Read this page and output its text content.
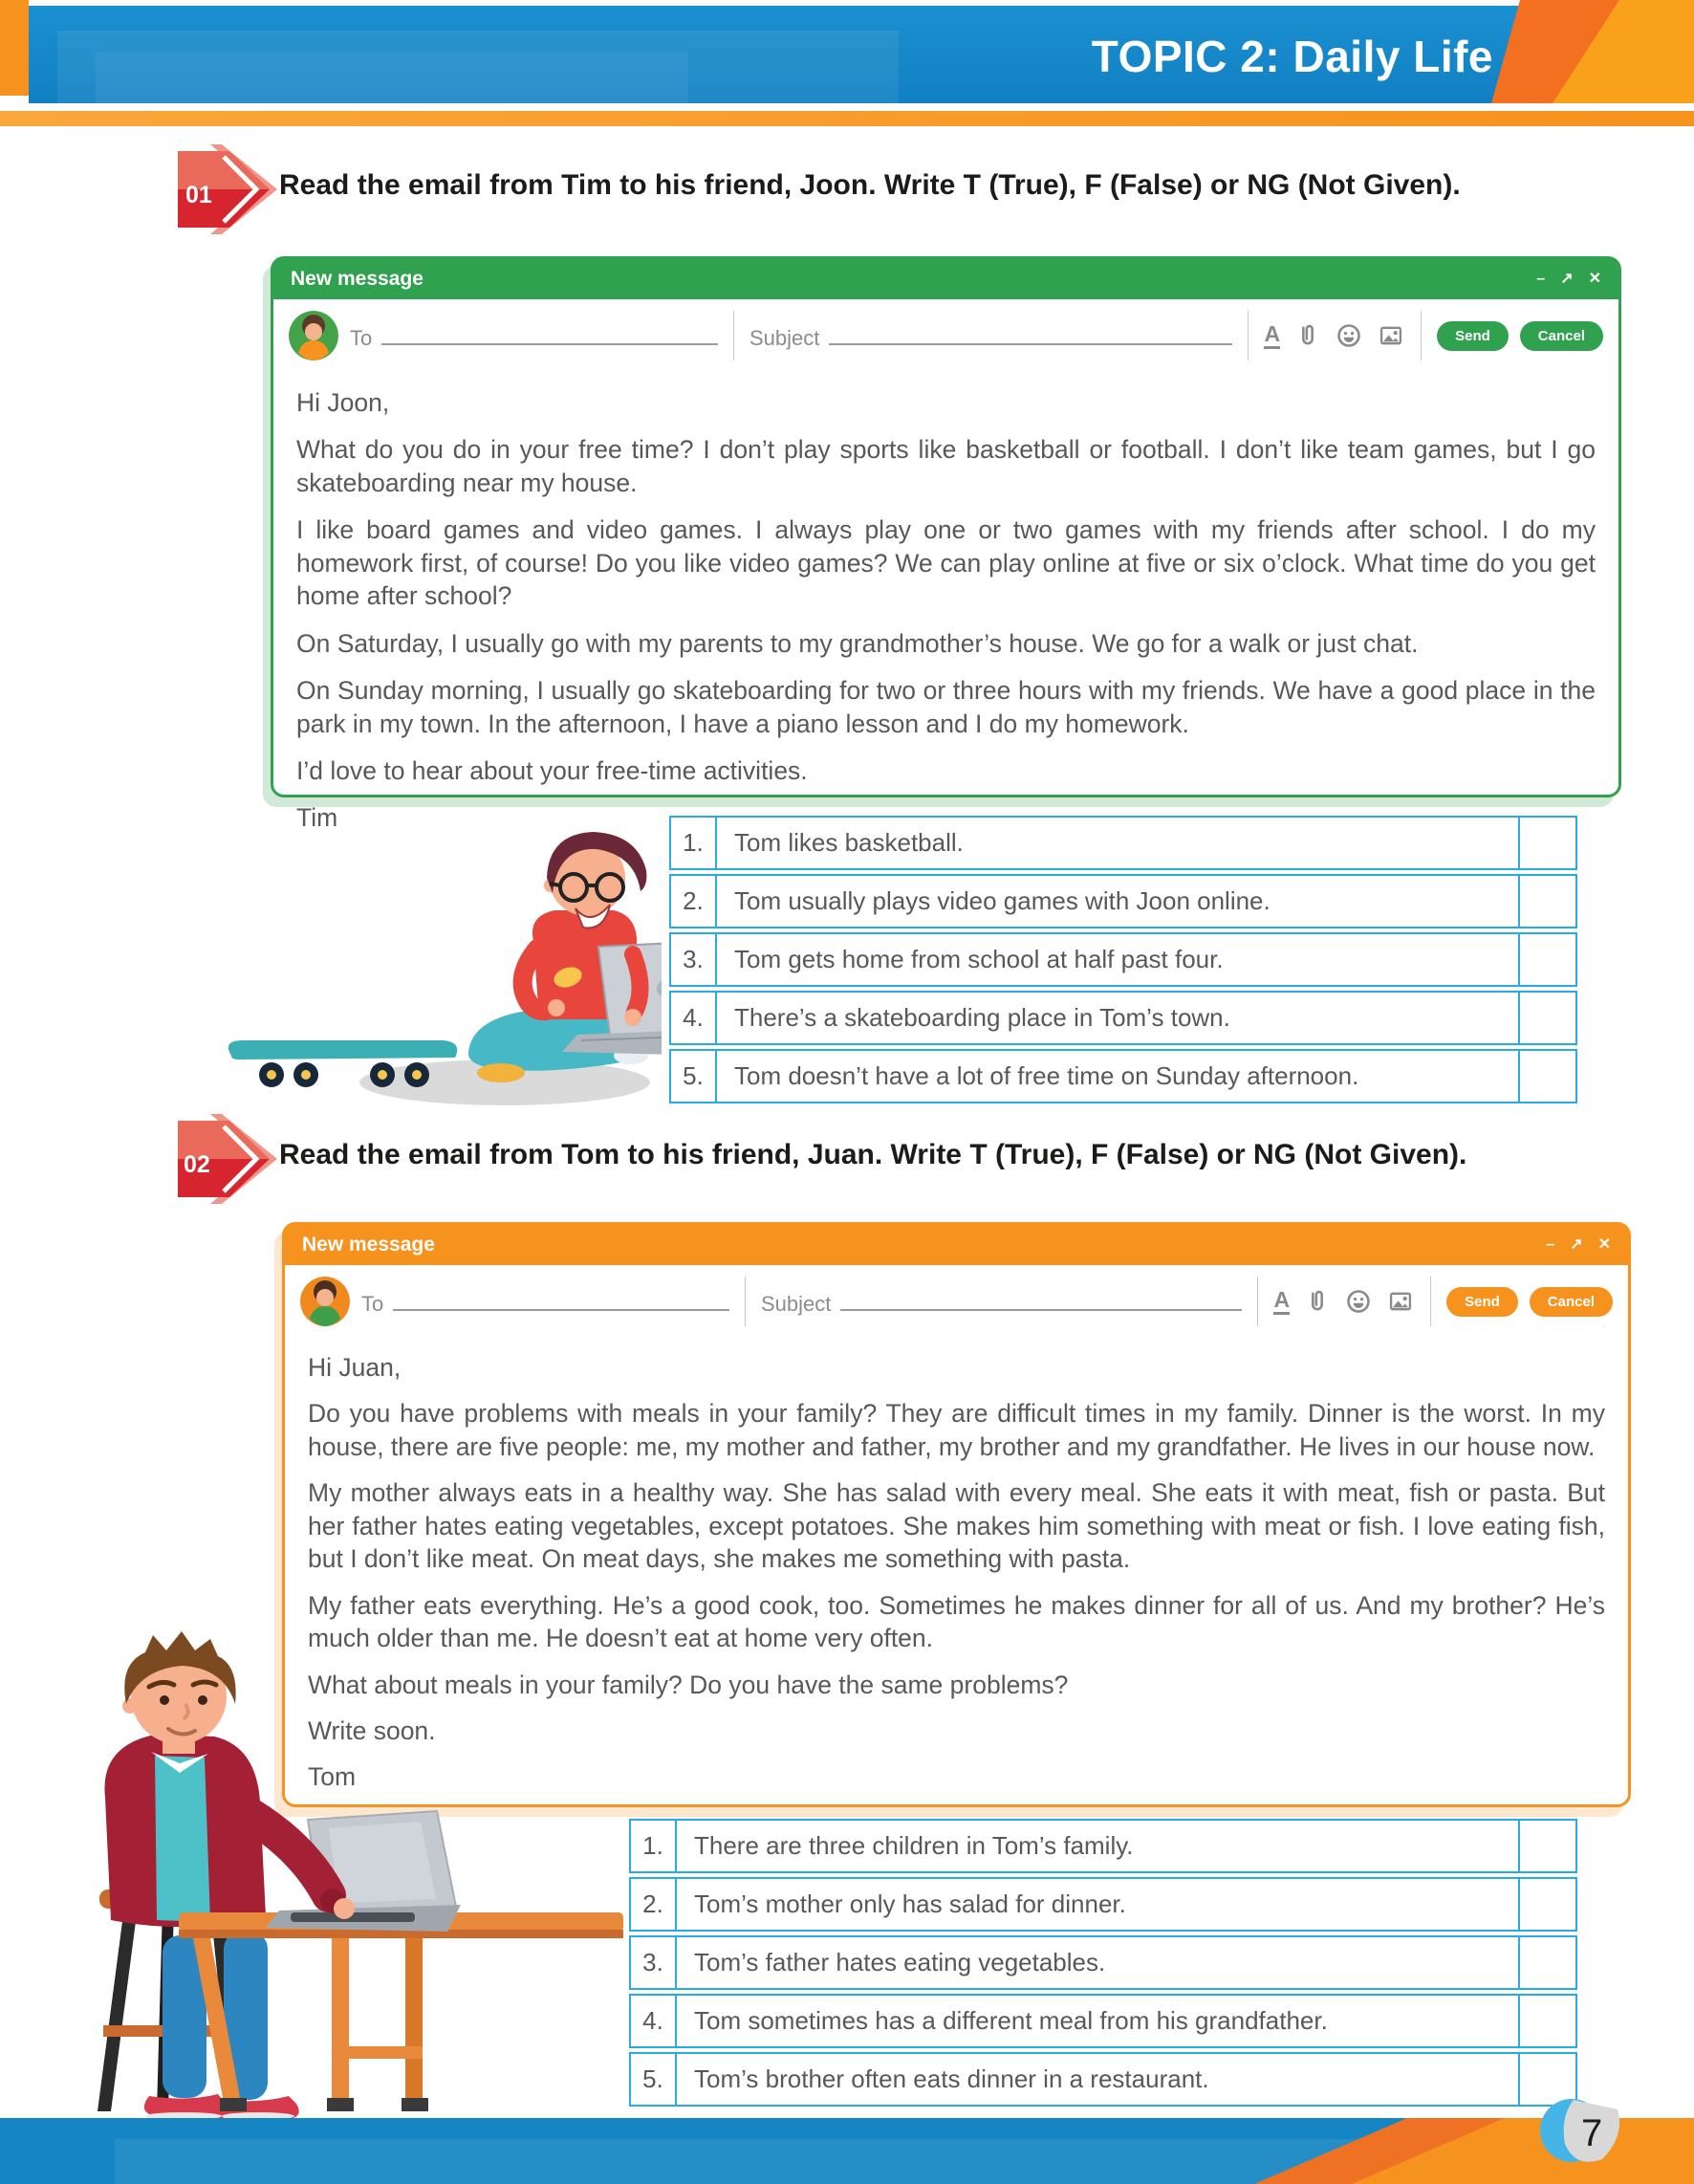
TOPIC 2: Daily Life
01 Read the email from Tim to his friend, Joon. Write T (True), F (False) or NG (Not Given).

New message	– ↗ ✕
To	Subject	A	Send	Cancel

Hi Joon,

What do you do in your free time? I don’t play sports like basketball or football. I don’t like team games, but I go skateboarding near my house.

I like board games and video games. I always play one or two games with my friends after school. I do my homework first, of course! Do you like video games? We can play online at five or six o’clock. What time do you get home after school?

On Saturday, I usually go with my parents to my grandmother’s house. We go for a walk or just chat.

On Sunday morning, I usually go skateboarding for two or three hours with my friends. We have a good place in the park in my town. In the afternoon, I have a piano lesson and I do my homework.

I’d love to hear about your free-time activities.

Tim

1.	Tom likes basketball.
2.	Tom usually plays video games with Joon online.
3.	Tom gets home from school at half past four.
4.	There’s a skateboarding place in Tom’s town.
5.	Tom doesn’t have a lot of free time on Sunday afternoon.
02 Read the email from Tom to his friend, Juan. Write T (True), F (False) or NG (Not Given).

New message	– ↗ ✕
To	Subject	A	Send	Cancel

Hi Juan,

Do you have problems with meals in your family? They are difficult times in my family. Dinner is the worst. In my house, there are five people: me, my mother and father, my brother and my grandfather. He lives in our house now.

My mother always eats in a healthy way. She has salad with every meal. She eats it with meat, fish or pasta. But her father hates eating vegetables, except potatoes. She makes him something with meat or fish. I love eating fish, but I don’t like meat. On meat days, she makes me something with pasta.

My father eats everything. He’s a good cook, too. Sometimes he makes dinner for all of us. And my brother? He’s much older than me. He doesn’t eat at home very often.

What about meals in your family? Do you have the same problems?

Write soon.

Tom

1.	There are three children in Tom’s family.
2.	Tom’s mother only has salad for dinner.
3.	Tom’s father hates eating vegetables.
4.	Tom sometimes has a different meal from his grandfather.
5.	Tom’s brother often eats dinner in a restaurant.
7
